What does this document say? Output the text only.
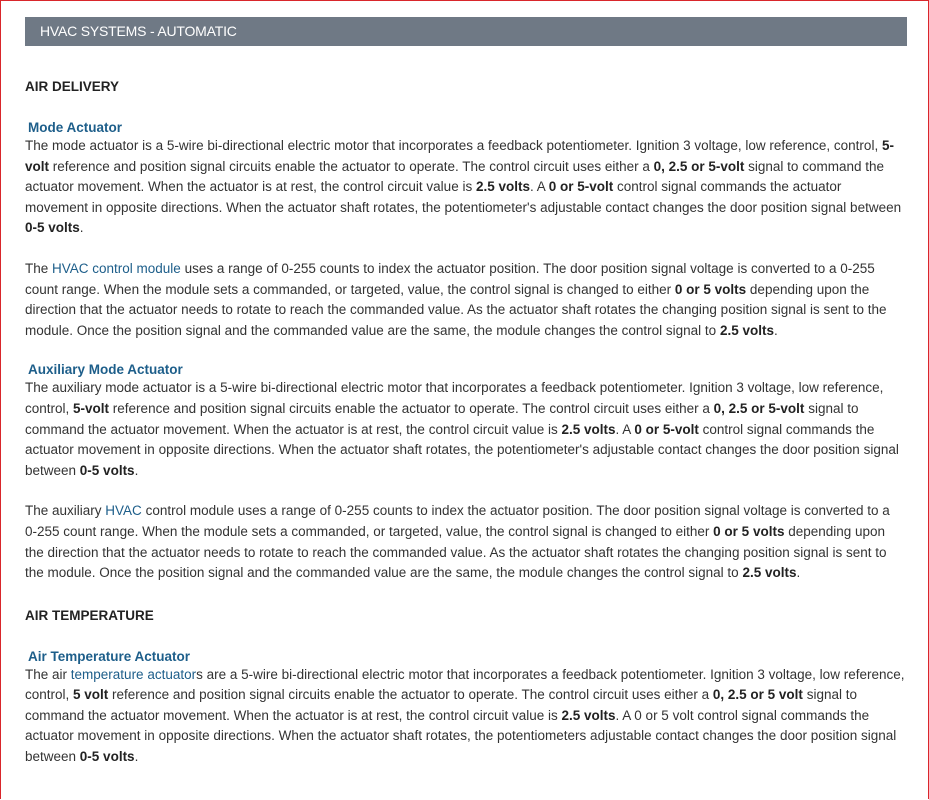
HVAC SYSTEMS - AUTOMATIC
AIR DELIVERY
Mode Actuator

The mode actuator is a 5-wire bi-directional electric motor that incorporates a feedback potentiometer. Ignition 3 voltage, low reference, control, 5-volt reference and position signal circuits enable the actuator to operate. The control circuit uses either a 0, 2.5 or 5-volt signal to command the actuator movement. When the actuator is at rest, the control circuit value is 2.5 volts. A 0 or 5-volt control signal commands the actuator movement in opposite directions. When the actuator shaft rotates, the potentiometer's adjustable contact changes the door position signal between 0-5 volts.

The HVAC control module uses a range of 0-255 counts to index the actuator position. The door position signal voltage is converted to a 0-255 count range. When the module sets a commanded, or targeted, value, the control signal is changed to either 0 or 5 volts depending upon the direction that the actuator needs to rotate to reach the commanded value. As the actuator shaft rotates the changing position signal is sent to the module. Once the position signal and the commanded value are the same, the module changes the control signal to 2.5 volts.

Auxiliary Mode Actuator

The auxiliary mode actuator is a 5-wire bi-directional electric motor that incorporates a feedback potentiometer. Ignition 3 voltage, low reference, control, 5-volt reference and position signal circuits enable the actuator to operate. The control circuit uses either a 0, 2.5 or 5-volt signal to command the actuator movement. When the actuator is at rest, the control circuit value is 2.5 volts. A 0 or 5-volt control signal commands the actuator movement in opposite directions. When the actuator shaft rotates, the potentiometer's adjustable contact changes the door position signal between 0-5 volts.

The auxiliary HVAC control module uses a range of 0-255 counts to index the actuator position. The door position signal voltage is converted to a 0-255 count range. When the module sets a commanded, or targeted, value, the control signal is changed to either 0 or 5 volts depending upon the direction that the actuator needs to rotate to reach the commanded value. As the actuator shaft rotates the changing position signal is sent to the module. Once the position signal and the commanded value are the same, the module changes the control signal to 2.5 volts.

AIR TEMPERATURE
Air Temperature Actuator

The air temperature actuators are a 5-wire bi-directional electric motor that incorporates a feedback potentiometer. Ignition 3 voltage, low reference, control, 5 volt reference and position signal circuits enable the actuator to operate. The control circuit uses either a 0, 2.5 or 5 volt signal to command the actuator movement. When the actuator is at rest, the control circuit value is 2.5 volts. A 0 or 5 volt control signal commands the actuator movement in opposite directions. When the actuator shaft rotates, the potentiometers adjustable contact changes the door position signal between 0-5 volts.
